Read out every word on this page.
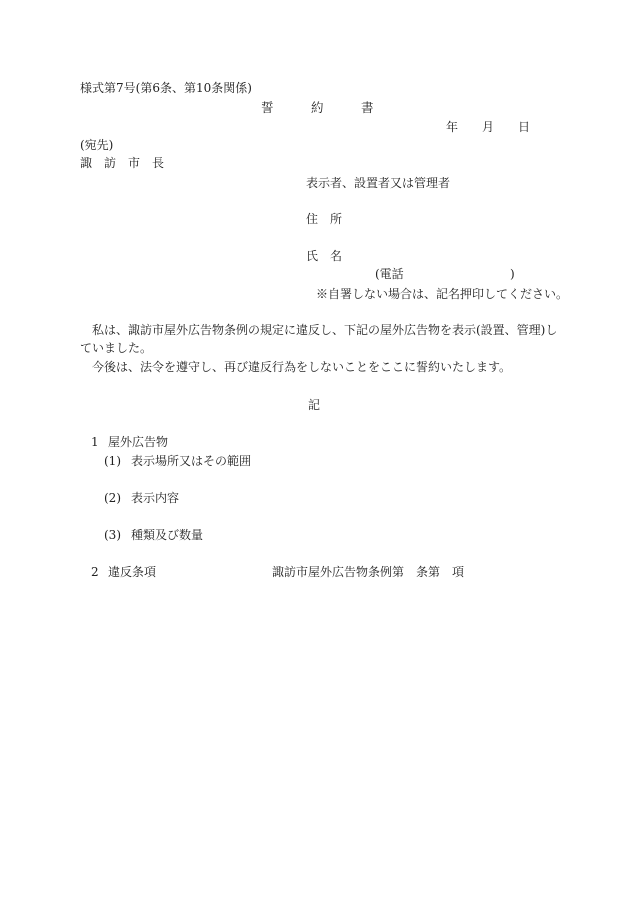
様式第7号(第6条、第10条関係)
誓　　　約　　　書
年　　月　　日
(宛先)
諏　訪　市　長
表示者、設置者又は管理者
住　所
氏　名
(電話	)
※自署しない場合は、記名押印してください。
　私は、諏訪市屋外広告物条例の規定に違反し、下記の屋外広告物を表示(設置、管理)し
ていました。
　今後は、法令を遵守し、再び違反行為をしないことをここに誓約いたします。
記
1 屋外広告物
(1) 表示場所又はその範囲
(2) 表示内容
(3) 種類及び数量
2 違反条項	諏訪市屋外広告物条例第　条第　項
